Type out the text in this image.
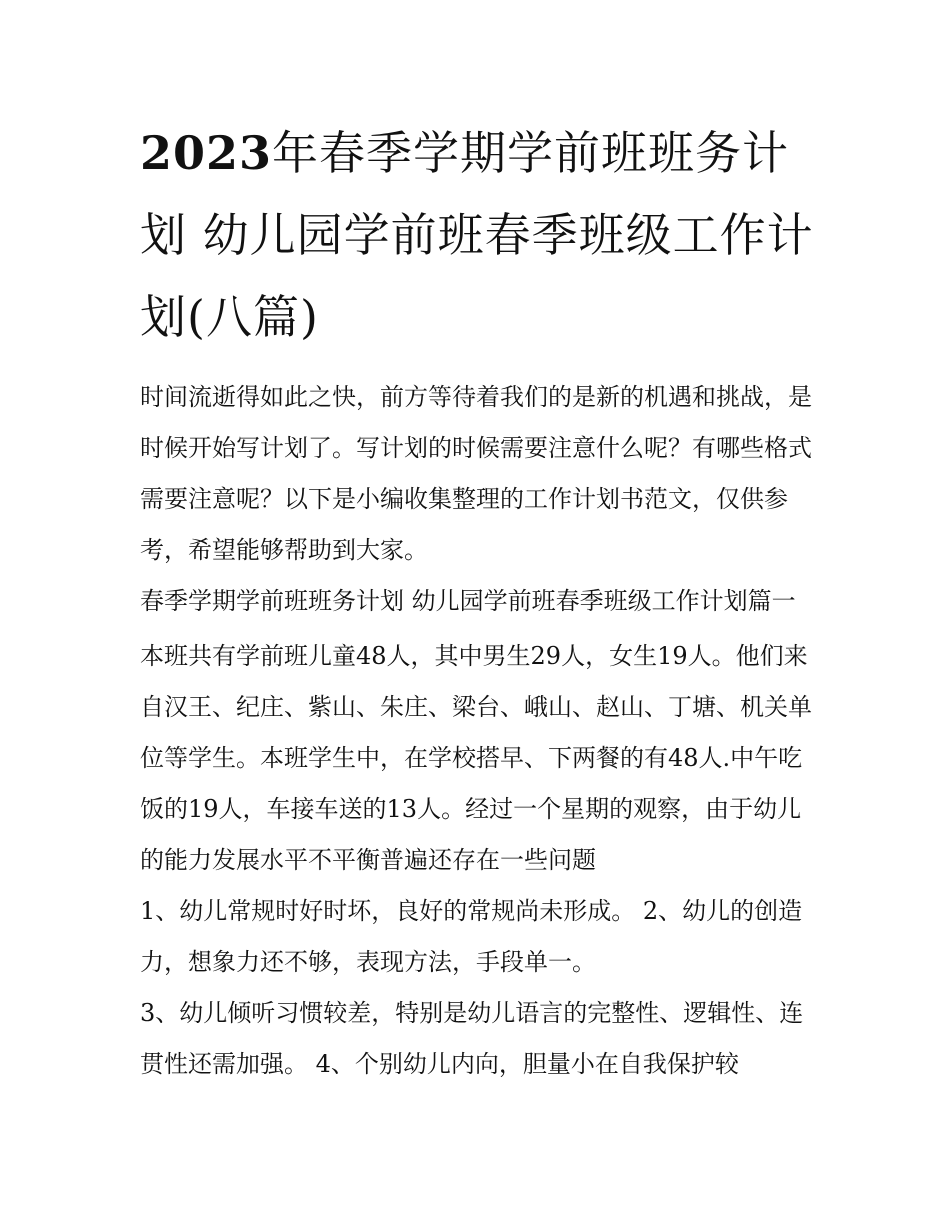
2023年春季学期学前班班务计划 幼儿园学前班春季班级工作计划(八篇)

时间流逝得如此之快，前方等待着我们的是新的机遇和挑战，是时候开始写计划了。写计划的时候需要注意什么呢？有哪些格式需要注意呢？以下是小编收集整理的工作计划书范文，仅供参考，希望能够帮助到大家。

春季学期学前班班务计划 幼儿园学前班春季班级工作计划篇一

本班共有学前班儿童48人，其中男生29人，女生19人。他们来自汉王、纪庄、紫山、朱庄、梁台、峨山、赵山、丁塘、机关单位等学生。本班学生中，在学校搭早、下两餐的有48人.中午吃饭的19人，车接车送的13人。经过一个星期的观察，由于幼儿的能力发展水平不平衡普遍还存在一些问题

1、幼儿常规时好时坏，良好的常规尚未形成。 2、幼儿的创造力，想象力还不够，表现方法，手段单一。

3、幼儿倾听习惯较差，特别是幼儿语言的完整性、逻辑性、连贯性还需加强。 4、个别幼儿内向，胆量小在自我保护较
